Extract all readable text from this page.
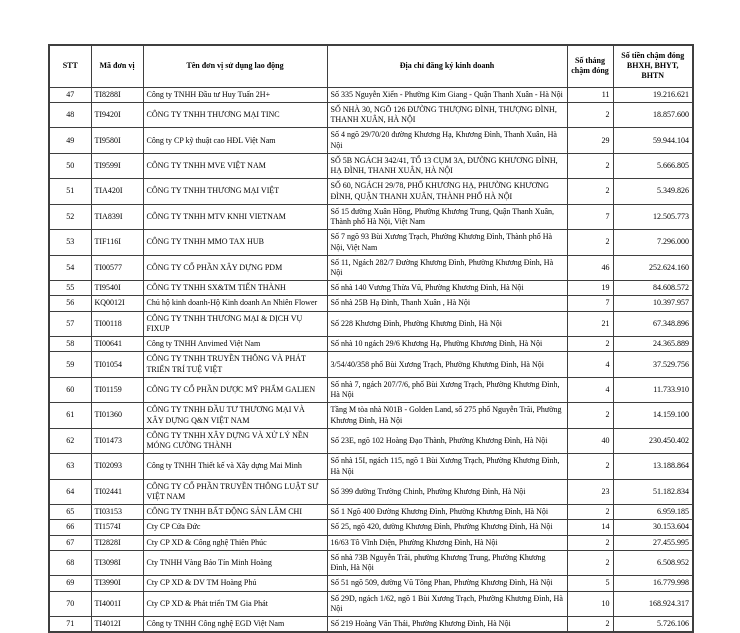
STT	Mã đơn vị	Tên đơn vị sử dụng lao động	Địa chỉ đăng ký kinh doanh	Số tháng chậm đóng	Số tiền chậm đóng BHXH, BHYT, BHTN
47	TI8288I	Công ty TNHH Đầu tư Huy Tuấn 2H+	Số 335 Nguyễn Xiển - Phường Kim Giang - Quận Thanh Xuân - Hà Nội	11	19.216.621
48	TI9420I	CÔNG TY TNHH THƯƠNG MẠI TINC	SỐ NHÀ 30, NGÕ 126 ĐƯỜNG THƯỢNG ĐÌNH, THƯỢNG ĐÌNH, THANH XUÂN, HÀ NỘI	2	18.857.600
49	TI9580I	Công ty CP kỹ thuật cao HĐL Việt Nam	Số 4 ngõ 29/70/20 đường Khương Hạ, Khương Đình, Thanh Xuân, Hà Nội	29	59.944.104
50	TI9599I	CÔNG TY TNHH MVE VIỆT NAM	SỐ 5B NGÁCH 342/41, TỔ 13 CỤM 3A, ĐƯỜNG KHƯƠNG ĐÌNH, HẠ ĐÌNH, THANH XUÂN, HÀ NỘI	2	5.666.805
51	TIA420I	CÔNG TY TNHH THƯƠNG MẠI VIỆT	SỐ 60, NGÁCH 29/78, PHỐ KHƯƠNG HẠ, PHƯỜNG KHƯƠNG ĐÌNH, QUẬN THANH XUÂN, THÀNH PHỐ HÀ NỘI	2	5.349.826
52	TIA839I	CÔNG TY TNHH MTV KNHI VIETNAM	Số 15 đường Xuân Hồng, Phường Khương Trung, Quận Thanh Xuân, Thành phố Hà Nội, Việt Nam	7	12.505.773
53	TIF116I	CÔNG TY TNHH MMO TAX HUB	Số 7 ngõ 93 Bùi Xương Trạch, Phường Khương Đình, Thành phố Hà Nội, Việt Nam	2	7.296.000
54	TI00577	CÔNG TY CỔ PHẦN XÂY DỰNG PDM	Số 11, Ngách 282/7 Đường Khương Đình, Phường Khương Đình, Hà Nội	46	252.624.160
55	TI9540I	CÔNG TY TNHH SX&TM TIẾN THÀNH	Số nhà 140 Vương Thừa Vũ, Phường Khương Đình, Hà Nội	19	84.608.572
56	KQ0012I	Chủ hộ kinh doanh-Hộ Kinh doanh An Nhiên Flower	Số nhà 25B Hạ Đình, Thanh Xuân , Hà Nội	7	10.397.957
57	TI00118	CÔNG TY TNHH THƯƠNG MẠI & DỊCH VỤ FIXUP	Số 228 Khương Đình, Phường Khương Đình, Hà Nội	21	67.348.896
58	TI00641	Công ty TNHH Anvimed Việt Nam	Số nhà 10 ngách 29/6 Khương Hạ, Phường Khương Đình, Hà Nội	2	24.365.889
59	TI01054	CÔNG TY TNHH TRUYỀN THÔNG VÀ PHÁT TRIỂN TRÍ TUỆ VIỆT	3/54/40/358 phố Bùi Xương Trạch, Phường Khương Đình, Hà Nội	4	37.529.756
60	TI01159	CÔNG TY CỔ PHẦN DƯỢC MỸ PHẨM GALIEN	Số nhà 7, ngách 207/7/6, phố Bùi Xương Trạch, Phường Khương Đình, Hà Nội	4	11.733.910
61	TI01360	CÔNG TY TNHH ĐẦU TƯ THƯƠNG MẠI VÀ XÂY DỰNG Q&N VIỆT NAM	Tầng M tòa nhà N01B - Golden Land, số 275 phố Nguyễn Trãi, Phường Khương Đình, Hà Nội	2	14.159.100
62	TI01473	CÔNG TY TNHH XÂY DỰNG VÀ XỬ LÝ NỀN MÓNG CƯỜNG THÀNH	Số 23E, ngõ 102 Hoàng Đạo Thành, Phường Khương Đình, Hà Nội	40	230.450.402
63	TI02093	Công ty TNHH Thiết kế và Xây dựng Mai Minh	Số nhà 15I, ngách 115, ngõ 1 Bùi Xương Trạch, Phường Khương Đình, Hà Nội	2	13.188.864
64	TI02441	CÔNG TY CỔ PHẦN TRUYỀN THÔNG LUẬT SƯ VIỆT NAM	Số 399 đường Trường Chinh, Phường Khương Đình, Hà Nội	23	51.182.834
65	TI03153	CÔNG TY TNHH BẤT ĐỘNG SẢN LÂM CHI	Số 1 Ngõ 400 Đường Khương Đình, Phường Khương Đình, Hà Nội	2	6.959.185
66	TI1574I	Cty CP Cửa Đức	Số 25, ngõ 420, đường Khương Đình, Phường Khương Đình, Hà Nội	14	30.153.604
67	TI2828I	Cty CP XD & Công nghệ Thiên Phúc	16/63 Tô Vĩnh Diện, Phường Khương Đình, Hà Nội	2	27.455.995
68	TI3098I	Cty TNHH Vàng Bảo Tín Minh Hoàng	Số nhà 73B Nguyễn Trãi, phường Khương Trung, Phường Khương Đình, Hà Nội	2	6.508.952
69	TI3990I	Cty CP XD & DV TM Hoàng Phú	Số 51 ngõ 509, đường Vũ Tông Phan, Phường Khương Đình, Hà Nội	5	16.779.998
70	TI4001I	Cty CP XD & Phát triển TM Gia Phát	Số 29D, ngách 1/62, ngõ 1 Bùi Xương Trạch, Phường Khương Đình, Hà Nội	10	168.924.317
71	TI4012I	Công ty TNHH Công nghệ EGD Việt Nam	Số 219 Hoàng Văn Thái, Phường Khương Đình, Hà Nội	2	5.726.106
